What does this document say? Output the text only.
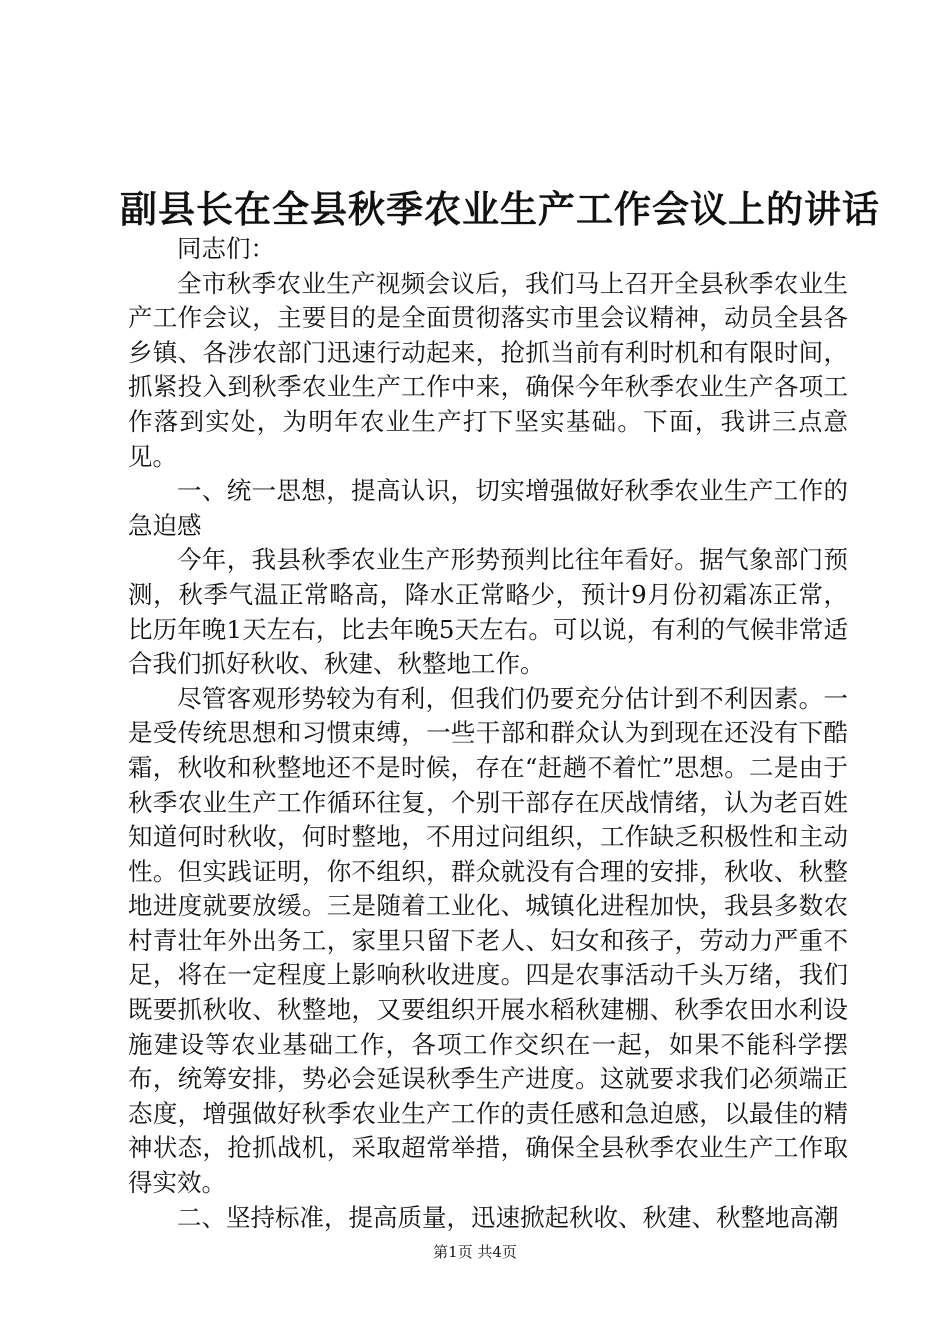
副县长在全县秋季农业生产工作会议上的讲话

同志们：

全市秋季农业生产视频会议后，我们马上召开全县秋季农业生产工作会议，主要目的是全面贯彻落实市里会议精神，动员全县各乡镇、各涉农部门迅速行动起来，抢抓当前有利时机和有限时间，抓紧投入到秋季农业生产工作中来，确保今年秋季农业生产各项工作落到实处，为明年农业生产打下坚实基础。下面，我讲三点意见。

一、统一思想，提高认识，切实增强做好秋季农业生产工作的急迫感

今年，我县秋季农业生产形势预判比往年看好。据气象部门预测，秋季气温正常略高，降水正常略少，预计9月份初霜冻正常，比历年晚1天左右，比去年晚5天左右。可以说，有利的气候非常适合我们抓好秋收、秋建、秋整地工作。

尽管客观形势较为有利，但我们仍要充分估计到不利因素。一是受传统思想和习惯束缚，一些干部和群众认为到现在还没有下酷霜，秋收和秋整地还不是时候，存在“赶趟不着忙”思想。二是由于秋季农业生产工作循环往复，个别干部存在厌战情绪，认为老百姓知道何时秋收，何时整地，不用过问组织，工作缺乏积极性和主动性。但实践证明，你不组织，群众就没有合理的安排，秋收、秋整地进度就要放缓。三是随着工业化、城镇化进程加快，我县多数农村青壮年外出务工，家里只留下老人、妇女和孩子，劳动力严重不足，将在一定程度上影响秋收进度。四是农事活动千头万绪，我们既要抓秋收、秋整地，又要组织开展水稻秋建棚、秋季农田水利设施建设等农业基础工作，各项工作交织在一起，如果不能科学摆布，统筹安排，势必会延误秋季生产进度。这就要求我们必须端正态度，增强做好秋季农业生产工作的责任感和急迫感，以最佳的精神状态，抢抓战机，采取超常举措，确保全县秋季农业生产工作取得实效。

二、坚持标准，提高质量，迅速掀起秋收、秋建、秋整地高潮

第1页 共4页
